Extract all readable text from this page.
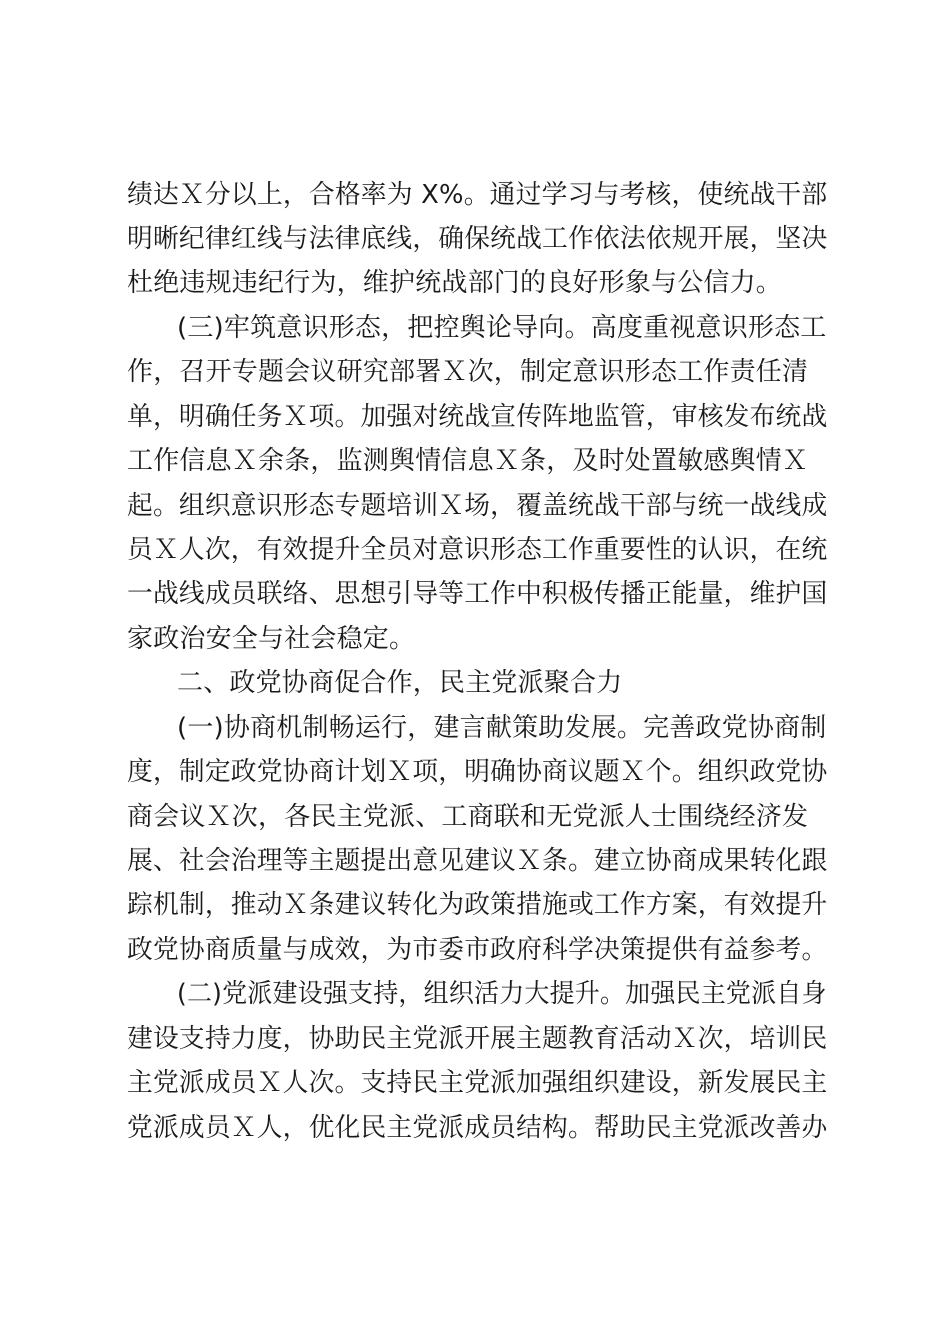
绩达Ｘ分以上，合格率为 X%。通过学习与考核，使统战干部
明晰纪律红线与法律底线，确保统战工作依法依规开展，坚决
杜绝违规违纪行为，维护统战部门的良好形象与公信力。
(三)牢筑意识形态，把控舆论导向。高度重视意识形态工
作，召开专题会议研究部署Ｘ次，制定意识形态工作责任清
单，明确任务Ｘ项。加强对统战宣传阵地监管，审核发布统战
工作信息Ｘ余条，监测舆情信息Ｘ条，及时处置敏感舆情Ｘ
起。组织意识形态专题培训Ｘ场，覆盖统战干部与统一战线成
员Ｘ人次，有效提升全员对意识形态工作重要性的认识，在统
一战线成员联络、思想引导等工作中积极传播正能量，维护国
家政治安全与社会稳定。
二、政党协商促合作，民主党派聚合力
(一)协商机制畅运行，建言献策助发展。完善政党协商制
度，制定政党协商计划Ｘ项，明确协商议题Ｘ个。组织政党协
商会议Ｘ次，各民主党派、工商联和无党派人士围绕经济发
展、社会治理等主题提出意见建议Ｘ条。建立协商成果转化跟
踪机制，推动Ｘ条建议转化为政策措施或工作方案，有效提升
政党协商质量与成效，为市委市政府科学决策提供有益参考。
(二)党派建设强支持，组织活力大提升。加强民主党派自身
建设支持力度，协助民主党派开展主题教育活动Ｘ次，培训民
主党派成员Ｘ人次。支持民主党派加强组织建设，新发展民主
党派成员Ｘ人，优化民主党派成员结构。帮助民主党派改善办
